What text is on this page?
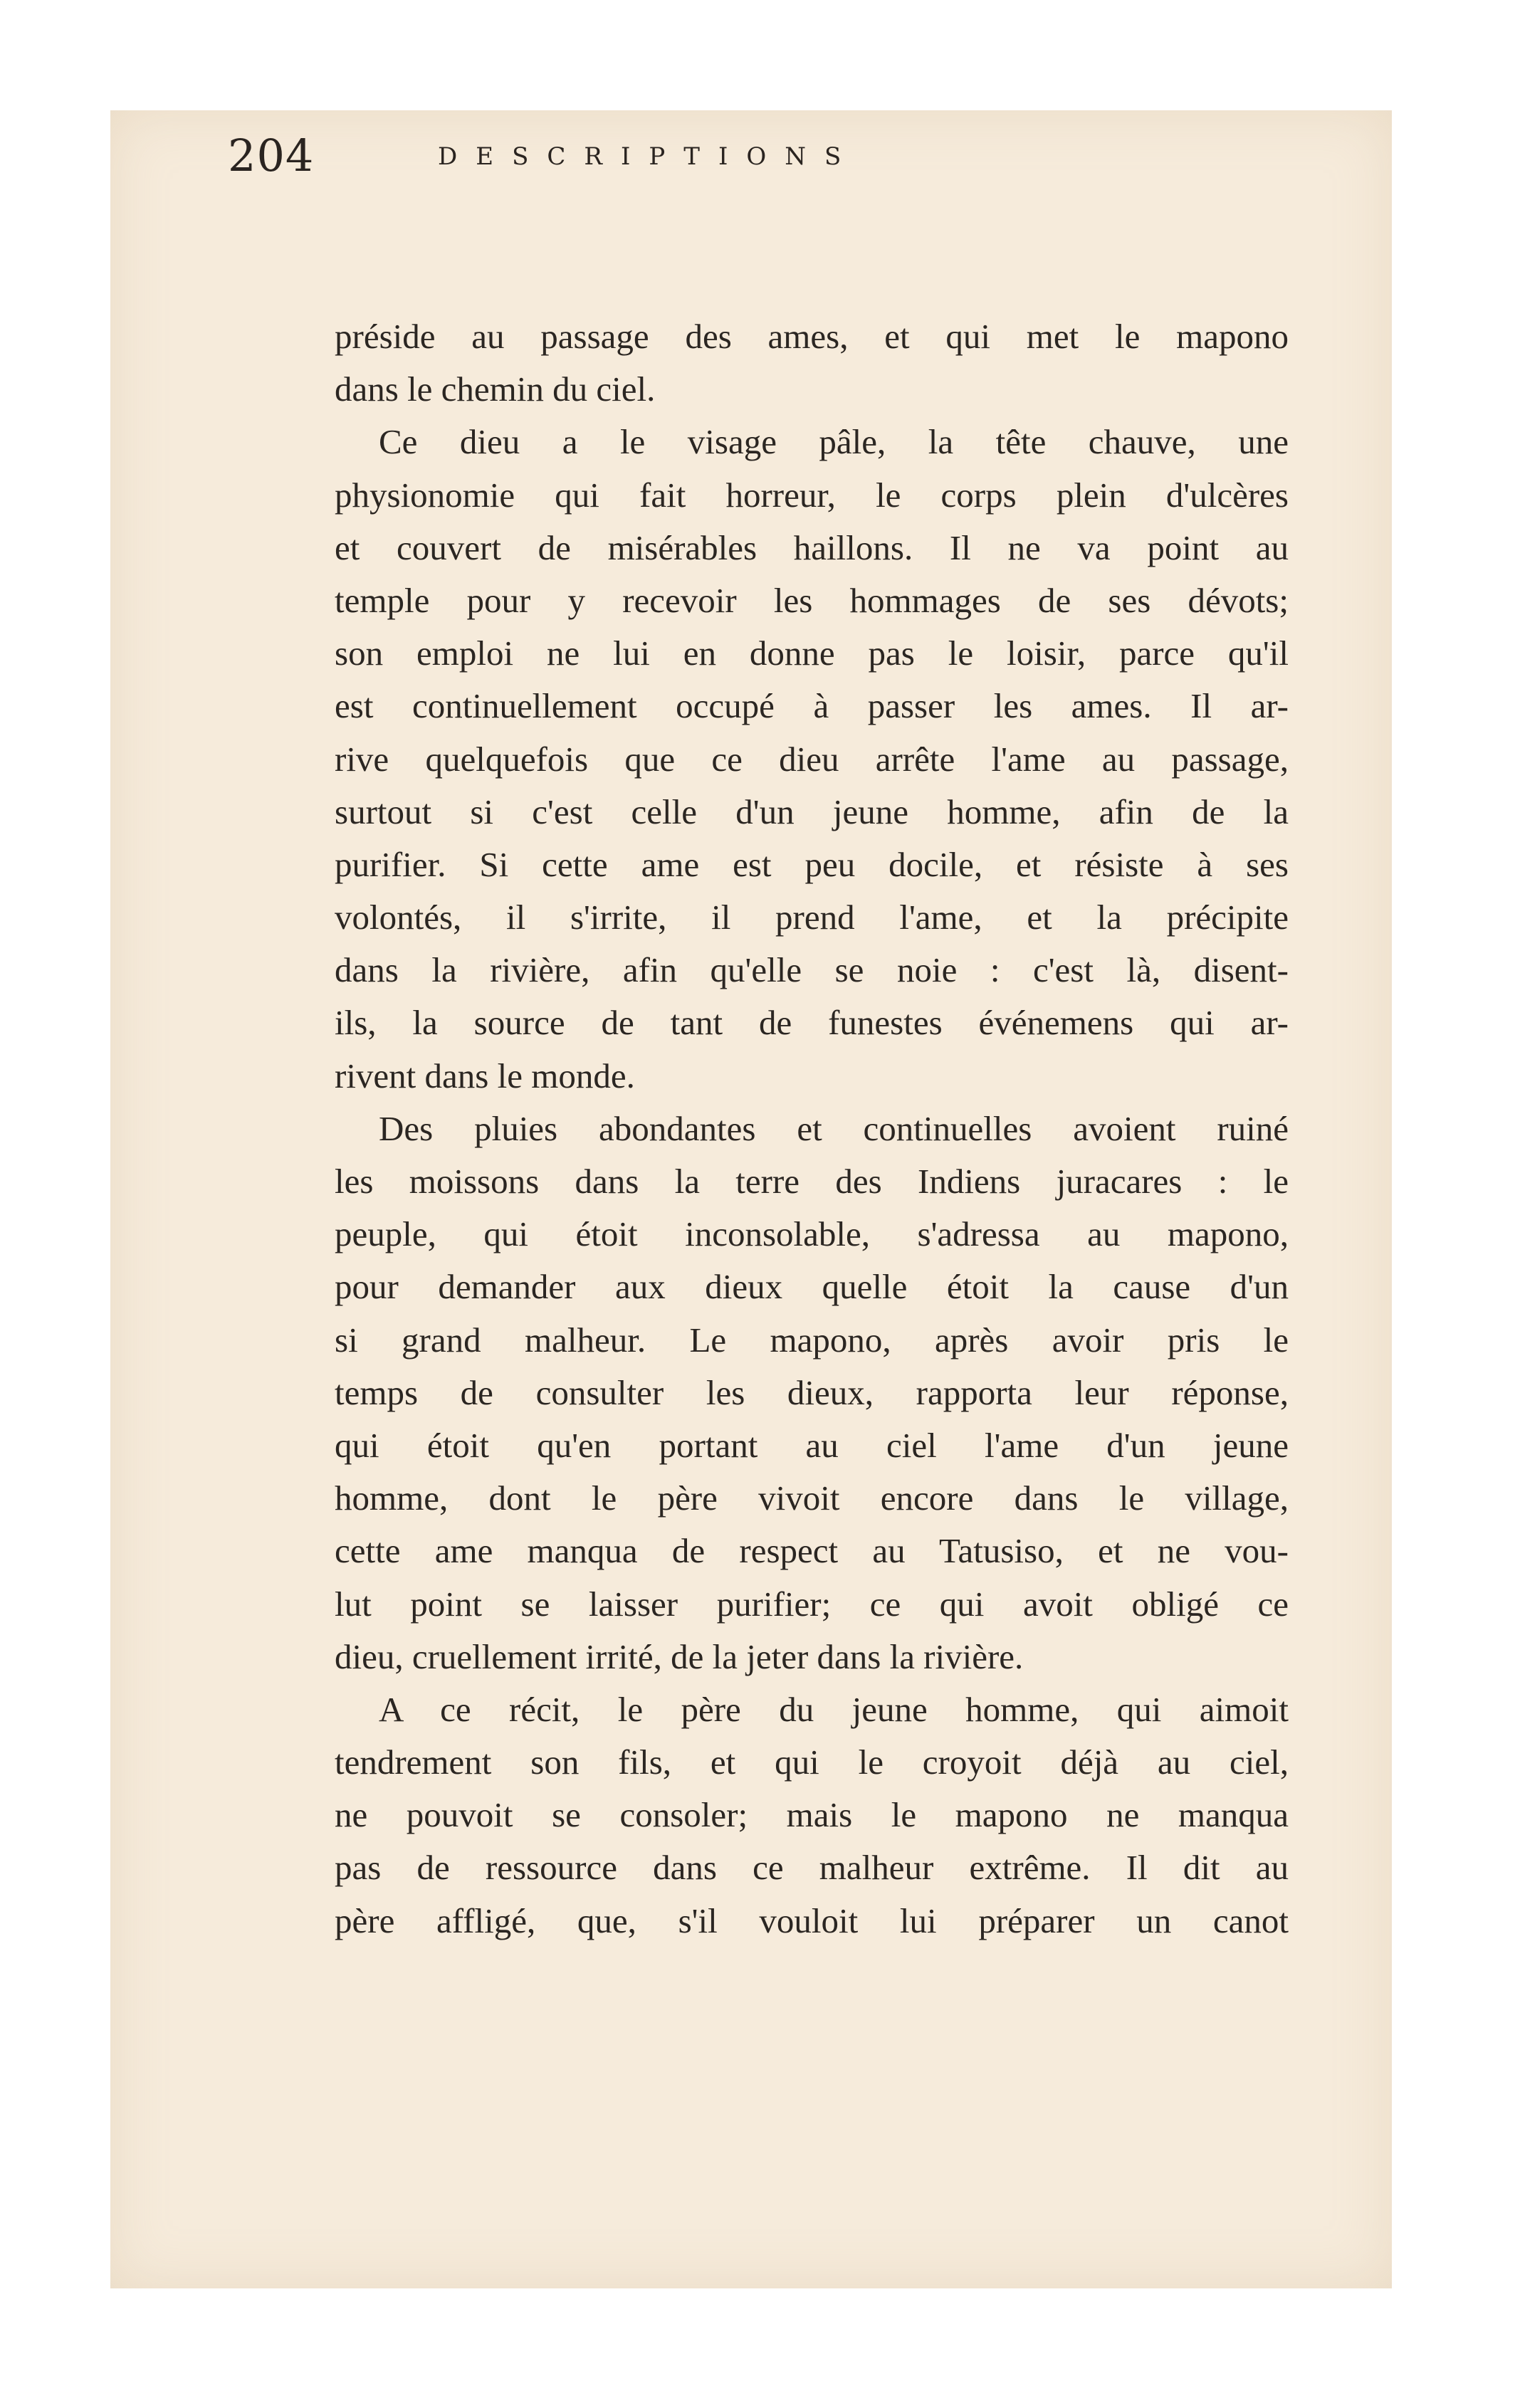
204	DESCRIPTIONS
préside au passage des ames, et qui met le mapono
dans le chemin du ciel.
Ce dieu a le visage pâle, la tête chauve, une
physionomie qui fait horreur, le corps plein d'ulcères
et couvert de misérables haillons. Il ne va point au
temple pour y recevoir les hommages de ses dévots;
son emploi ne lui en donne pas le loisir, parce qu'il
est continuellement occupé à passer les ames. Il ar-
rive quelquefois que ce dieu arrête l'ame au passage,
surtout si c'est celle d'un jeune homme, afin de la
purifier. Si cette ame est peu docile, et résiste à ses
volontés, il s'irrite, il prend l'ame, et la précipite
dans la rivière, afin qu'elle se noie : c'est là, disent-
ils, la source de tant de funestes événemens qui ar-
rivent dans le monde.
Des pluies abondantes et continuelles avoient ruiné
les moissons dans la terre des Indiens juracares : le
peuple, qui étoit inconsolable, s'adressa au mapono,
pour demander aux dieux quelle étoit la cause d'un
si grand malheur. Le mapono, après avoir pris le
temps de consulter les dieux, rapporta leur réponse,
qui étoit qu'en portant au ciel l'ame d'un jeune
homme, dont le père vivoit encore dans le village,
cette ame manqua de respect au Tatusiso, et ne vou-
lut point se laisser purifier; ce qui avoit obligé ce
dieu, cruellement irrité, de la jeter dans la rivière.
A ce récit, le père du jeune homme, qui aimoit
tendrement son fils, et qui le croyoit déjà au ciel,
ne pouvoit se consoler; mais le mapono ne manqua
pas de ressource dans ce malheur extrême. Il dit au
père affligé, que, s'il vouloit lui préparer un canot
